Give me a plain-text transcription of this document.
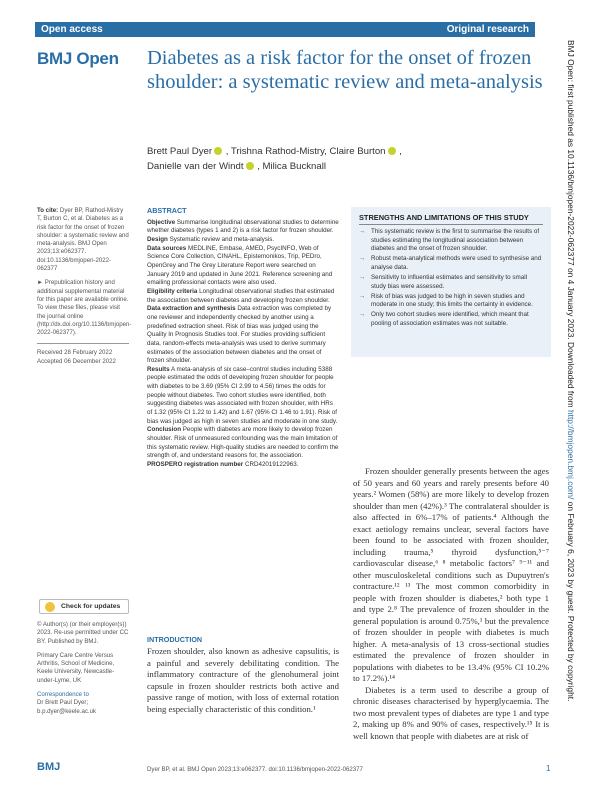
Open access	Original research
BMJ Open Diabetes as a risk factor for the onset of frozen shoulder: a systematic review and meta-analysis
Brett Paul Dyer , Trishna Rathod-Mistry, Claire Burton ,
Danielle van der Windt , Milica Bucknall	BMJ Open: first published as 10.1136/bmjopen-2022-062377 on 4 January 2023. Downloaded from http://bmjopen.bmj.com/ on February 6, 2023 by guest. Protected by copyright.
To cite: Dyer BP, Rathod-Mistry T, Burton C, et al. Diabetes as a risk factor for the onset of frozen shoulder: a systematic review and meta-analysis. BMJ Open 2023;13:e062377. doi:10.1136/bmjopen-2022-062377
► Prepublication history and additional supplemental material for this paper are available online. To view these files, please visit the journal online (http://dx.doi.org/10.1136/bmjopen-2022-062377).
Received 28 February 2022
Accepted 06 December 2022
Check for updates
© Author(s) (or their employer(s)) 2023. Re-use permitted under CC BY. Published by BMJ.
Primary Care Centre Versus Arthritis, School of Medicine, Keele University, Newcastle-under-Lyme, UK
Correspondence to
Dr Brett Paul Dyer; b.p.dyer@keele.ac.uk
ABSTRACT
Objective Summarise longitudinal observational studies to determine whether diabetes (types 1 and 2) is a risk factor for frozen shoulder.
Design Systematic review and meta-analysis.
Data sources MEDLINE, Embase, AMED, PsycINFO, Web of Science Core Collection, CINAHL, Epistemonikos, Trip, PEDro, OpenGrey and The Grey Literature Report were searched on January 2019 and updated in June 2021. Reference screening and emailing professional contacts were also used.
Eligibility criteria Longitudinal observational studies that estimated the association between diabetes and developing frozen shoulder.
Data extraction and synthesis Data extraction was completed by one reviewer and independently checked by another using a predefined extraction sheet. Risk of bias was judged using the Quality In Prognosis Studies tool. For studies providing sufficient data, random-effects meta-analysis was used to derive summary estimates of the association between diabetes and the onset of frozen shoulder.
Results A meta-analysis of six case–control studies including 5388 people estimated the odds of developing frozen shoulder for people with diabetes to be 3.69 (95% CI 2.99 to 4.56) times the odds for people without diabetes. Two cohort studies were identified, both suggesting diabetes was associated with frozen shoulder, with HRs of 1.32 (95% CI 1.22 to 1.42) and 1.67 (95% CI 1.46 to 1.91). Risk of bias was judged as high in seven studies and moderate in one study.
Conclusion People with diabetes are more likely to develop frozen shoulder. Risk of unmeasured confounding was the main limitation of this systematic review. High-quality studies are needed to confirm the strength of, and understand reasons for, the association.
PROSPERO registration number CRD42019122963.
STRENGTHS AND LIMITATIONS OF THIS STUDY
→ This systematic review is the first to summarise the results of studies estimating the longitudinal association between diabetes and the onset of frozen shoulder.
→ Robust meta-analytical methods were used to synthesise and analyse data.
→ Sensitivity to influential estimates and sensitivity to small study bias were assessed.
→ Risk of bias was judged to be high in seven studies and moderate in one study; this limits the certainty in evidence.
→ Only two cohort studies were identified, which meant that pooling of association estimates was not suitable.
INTRODUCTION
Frozen shoulder, also known as adhesive capsulitis, is a painful and severely debilitating condition. The inflammatory contracture of the glenohumeral joint capsule in frozen shoulder restricts both active and passive range of motion, with loss of external rotation being especially characteristic of this condition.¹

Frozen shoulder generally presents between the ages of 50 years and 60 years and rarely presents before 40 years.² Women (58%) are more likely to develop frozen shoulder than men (42%).³ The contralateral shoulder is also affected in 6%–17% of patients.⁴ Although the exact aetiology remains unclear, several factors have been found to be associated with frozen shoulder, including trauma,⁵ thyroid dysfunction,⁵⁻⁷ cardiovascular disease,⁶ ⁸ metabolic factors⁷ ⁹⁻¹¹ and other musculoskeletal conditions such as Dupuytren's contracture.¹² ¹³ The most common comorbidity in people with frozen shoulder is diabetes,² both type 1 and type 2.⁸ The prevalence of frozen shoulder in the general population is around 0.75%,¹ but the prevalence of frozen shoulder in people with diabetes is much higher. A meta-analysis of 13 cross-sectional studies estimated the prevalence of frozen shoulder in populations with diabetes to be 13.4% (95% CI 10.2% to 17.2%).¹⁴

Diabetes is a term used to describe a group of chronic diseases characterised by hyperglycaemia. The two most prevalent types of diabetes are type 1 and type 2, making up 8% and 90% of cases, respectively.¹⁵ It is well known that people with diabetes are at risk of

BMJ	Dyer BP, et al. BMJ Open 2023;13:e062377. doi:10.1136/bmjopen-2022-062377	1
